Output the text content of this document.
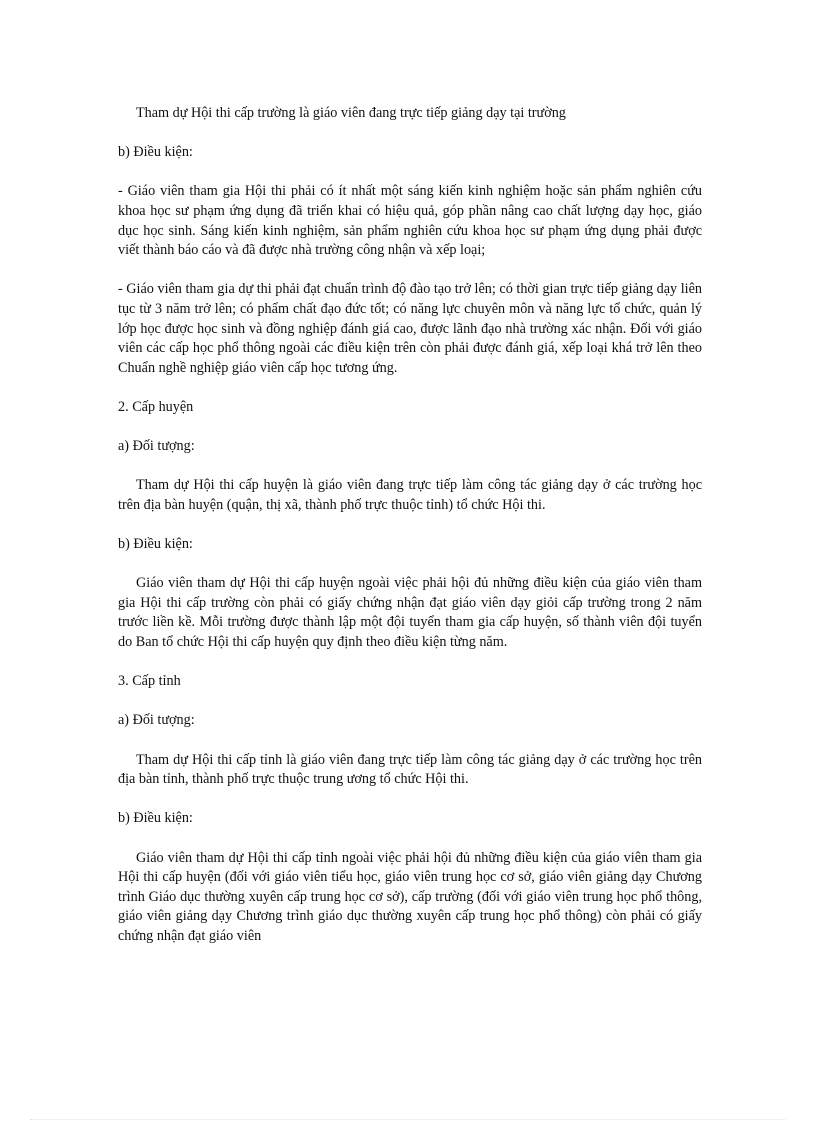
Tham dự Hội thi cấp trường là giáo viên đang trực tiếp giảng dạy tại trường

b) Điều kiện:

- Giáo viên tham gia Hội thi phải có ít nhất một sáng kiến kinh nghiệm hoặc sản phẩm nghiên cứu khoa học sư phạm ứng dụng đã triển khai có hiệu quả, góp phần nâng cao chất lượng dạy học, giáo dục học sinh. Sáng kiến kinh nghiệm, sản phẩm nghiên cứu khoa học sư phạm ứng dụng phải được viết thành báo cáo và đã được nhà trường công nhận và xếp loại;

- Giáo viên tham gia dự thi phải đạt chuẩn trình độ đào tạo trở lên; có thời gian trực tiếp giảng dạy liên tục từ 3 năm trở lên; có phẩm chất đạo đức tốt; có năng lực chuyên môn và năng lực tổ chức, quản lý lớp học được học sinh và đồng nghiệp đánh giá cao, được lãnh đạo nhà trường xác nhận. Đối với giáo viên các cấp học phổ thông ngoài các điều kiện trên còn phải được đánh giá, xếp loại khá trở lên theo Chuẩn nghề nghiệp giáo viên cấp học tương ứng.

2. Cấp huyện

a) Đối tượng:

Tham dự Hội thi cấp huyện là giáo viên đang trực tiếp làm công tác giảng dạy ở các trường học trên địa bàn huyện (quận, thị xã, thành phố trực thuộc tỉnh) tổ chức Hội thi.

b) Điều kiện:

Giáo viên tham dự Hội thi cấp huyện ngoài việc phải hội đủ những điều kiện của giáo viên tham gia Hội thi cấp trường còn phải có giấy chứng nhận đạt giáo viên dạy giỏi cấp trường trong 2 năm trước liền kề. Mỗi trường được thành lập một đội tuyển tham gia cấp huyện, số thành viên đội tuyển do Ban tổ chức Hội thi cấp huyện quy định theo điều kiện từng năm.

3. Cấp tỉnh

a) Đối tượng:

Tham dự Hội thi cấp tỉnh là giáo viên đang trực tiếp làm công tác giảng dạy ở các trường học trên địa bàn tỉnh, thành phố trực thuộc trung ương tổ chức Hội thi.

b) Điều kiện:

Giáo viên tham dự Hội thi cấp tỉnh ngoài việc phải hội đủ những điều kiện của giáo viên tham gia Hội thi cấp huyện (đối với giáo viên tiểu học, giáo viên trung học cơ sở, giáo viên giảng dạy Chương trình Giáo dục thường xuyên cấp trung học cơ sở), cấp trường (đối với giáo viên trung học phổ thông, giáo viên giảng dạy Chương trình giáo dục thường xuyên cấp trung học phổ thông) còn phải có giấy chứng nhận đạt giáo viên
